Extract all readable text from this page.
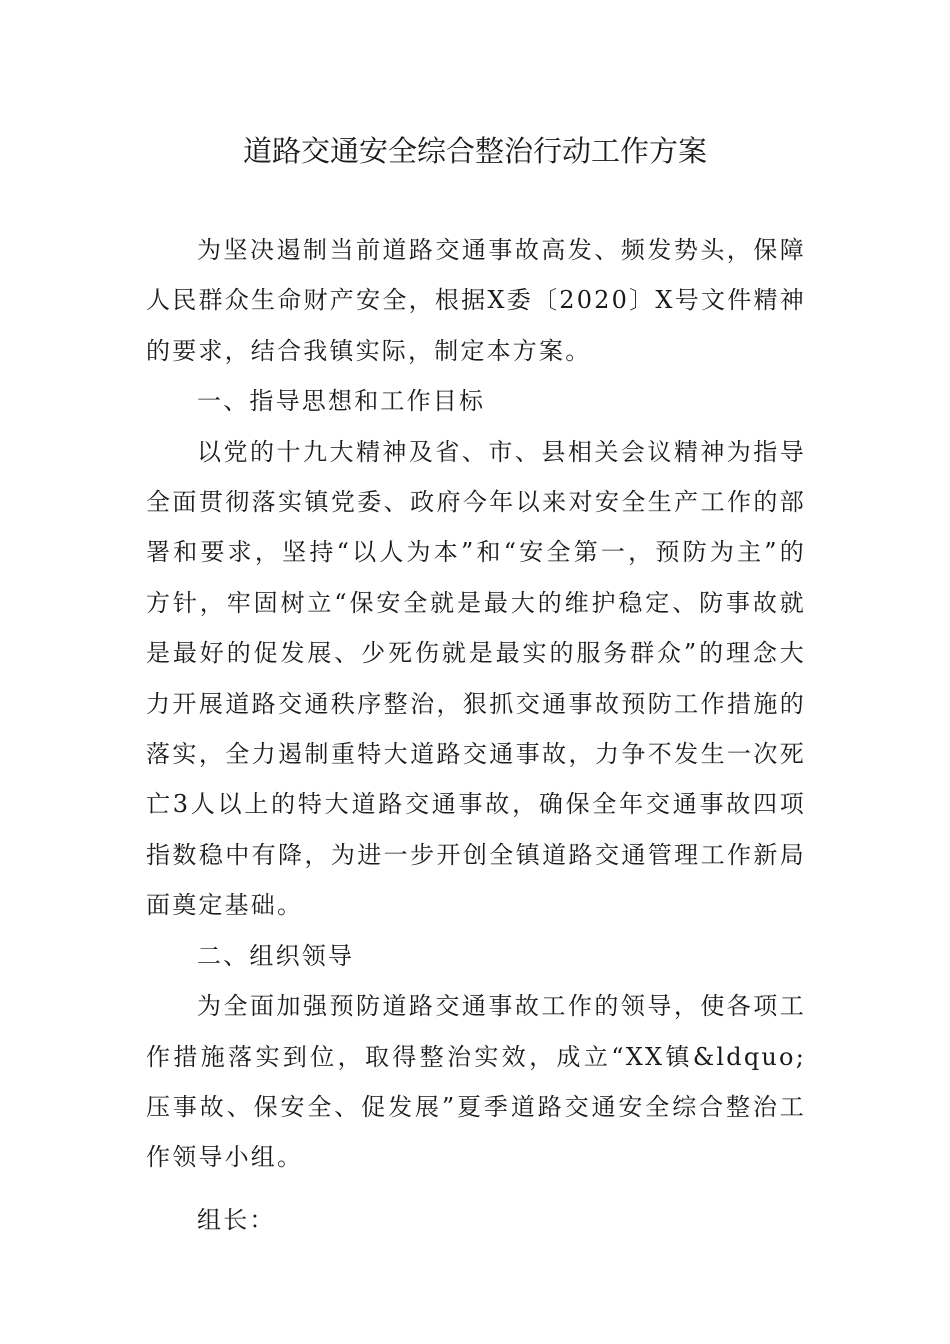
道路交通安全综合整治行动工作方案

为坚决遏制当前道路交通事故高发、频发势头，保障人民群众生命财产安全，根据X委〔2020〕X号文件精神的要求，结合我镇实际，制定本方案。

一、指导思想和工作目标

以党的十九大精神及省、市、县相关会议精神为指导全面贯彻落实镇党委、政府今年以来对安全生产工作的部署和要求，坚持“以人为本”和“安全第一，预防为主”的方针，牢固树立“保安全就是最大的维护稳定、防事故就是最好的促发展、少死伤就是最实的服务群众”的理念大力开展道路交通秩序整治，狠抓交通事故预防工作措施的落实，全力遏制重特大道路交通事故，力争不发生一次死亡3人以上的特大道路交通事故，确保全年交通事故四项指数稳中有降，为进一步开创全镇道路交通管理工作新局面奠定基础。

二、组织领导

为全面加强预防道路交通事故工作的领导，使各项工作措施落实到位，取得整治实效，成立“XX镇&ldquo;压事故、保安全、促发展”夏季道路交通安全综合整治工作领导小组。

组长：
